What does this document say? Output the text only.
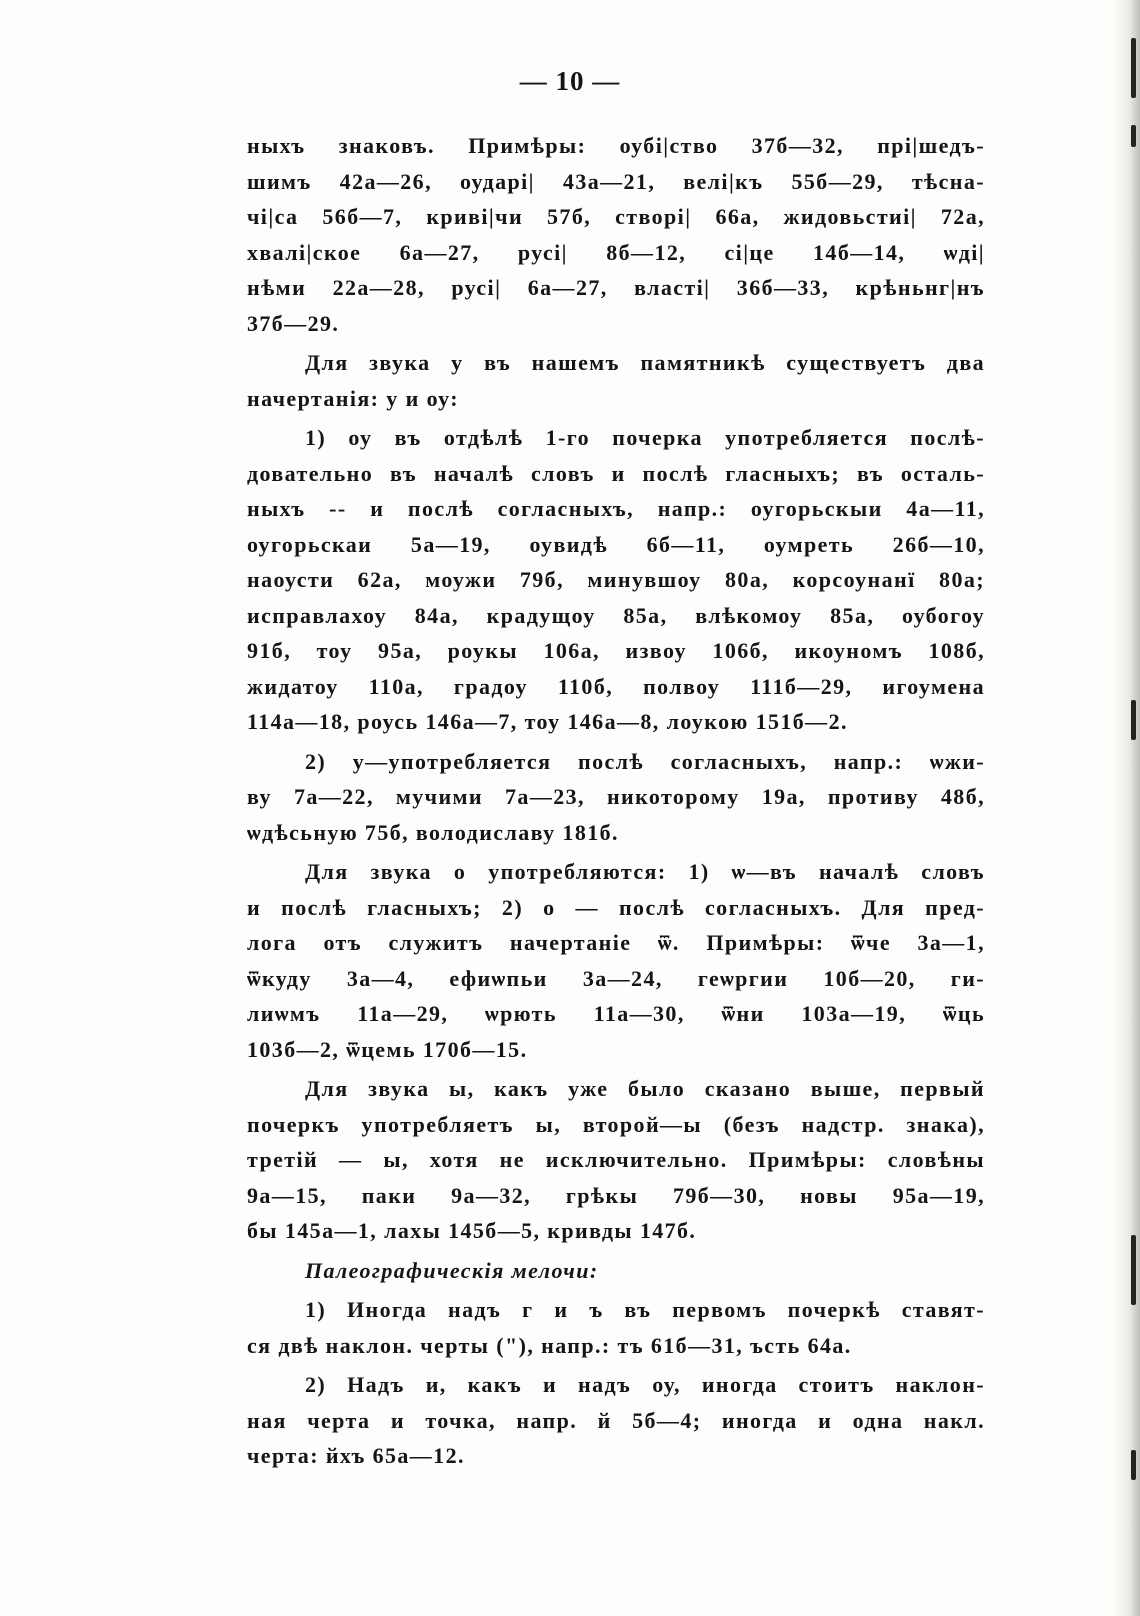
— 10 —
ныхъ знаковъ. Примѣры: оубі|ство 37б—32, прі|шедъ-
шимъ 42а—26, оударі| 43а—21, велі|къ 55б—29, тѣсна-
чі|са 56б—7, криві|чи 57б, створі| 66а, жидовьстиі| 72а,
хвалі|ское 6а—27, русі| 8б—12, сі|це 14б—14, ѡді|
нѣми 22а—28, русі| 6а—27, власті| 36б—33, крѣньнг|нъ
37б—29.
Для звука у въ нашемъ памятникѣ существуетъ два
начертанія: у и оу:
1) оу въ отдѣлѣ 1-го почерка употребляется послѣ-
довательно въ началѣ словъ и послѣ гласныхъ; въ осталь-
ныхъ -- и послѣ согласныхъ, напр.: оугорьскыи 4а—11,
оугорьскаи 5а—19, оувидѣ 6б—11, оумреть 26б—10,
наоусти 62а, моужи 79б, минувшоу 80а, корсоунанї 80а;
исправлахоу 84а, крадущоу 85а, влѣкомоу 85а, оубогоу
91б, тоу 95а, роукы 106а, извоу 106б, икоуномъ 108б,
жидатоу 110а, градоу 110б, полвоу 111б—29, игоумена
114а—18, роусь 146а—7, тоу 146а—8, лоукою 151б—2.
2) у—употребляется послѣ согласныхъ, напр.: ѡжи-
ву 7а—22, мучими 7а—23, никоторому 19а, противу 48б,
ѡдѣсьную 75б, володиславу 181б.
Для звука о употребляются: 1) ѡ—въ началѣ словъ
и послѣ гласныхъ; 2) о — послѣ согласныхъ. Для пред-
лога отъ служитъ начертаніе ѿ. Примѣры: ѿче 3а—1,
ѿкуду 3а—4, ефиѡпьи 3а—24, геѡргии 10б—20, ги-
лиѡмъ 11а—29, ѡрють 11а—30, ѿни 103а—19, ѿць
103б—2, ѿцемь 170б—15.
Для звука ы, какъ уже было сказано выше, первый
почеркъ употребляетъ ы, второй—ы (безъ надстр. знака),
третій — ы, хотя не исключительно. Примѣры: словѣны
9а—15, паки 9а—32, грѣкы 79б—30, новы 95а—19,
бы 145а—1, лахы 145б—5, кривды 147б.
Палеографическія мелочи:
1) Иногда надъ г и ъ въ первомъ почеркѣ ставят-
ся двѣ наклон. черты ("), напр.: тъ 61б—31, ъсть 64а.
2) Надъ и, какъ и надъ оу, иногда стоитъ наклон-
ная черта и точка, напр. й 5б—4; иногда и одна накл.
черта: йхъ 65а—12.
